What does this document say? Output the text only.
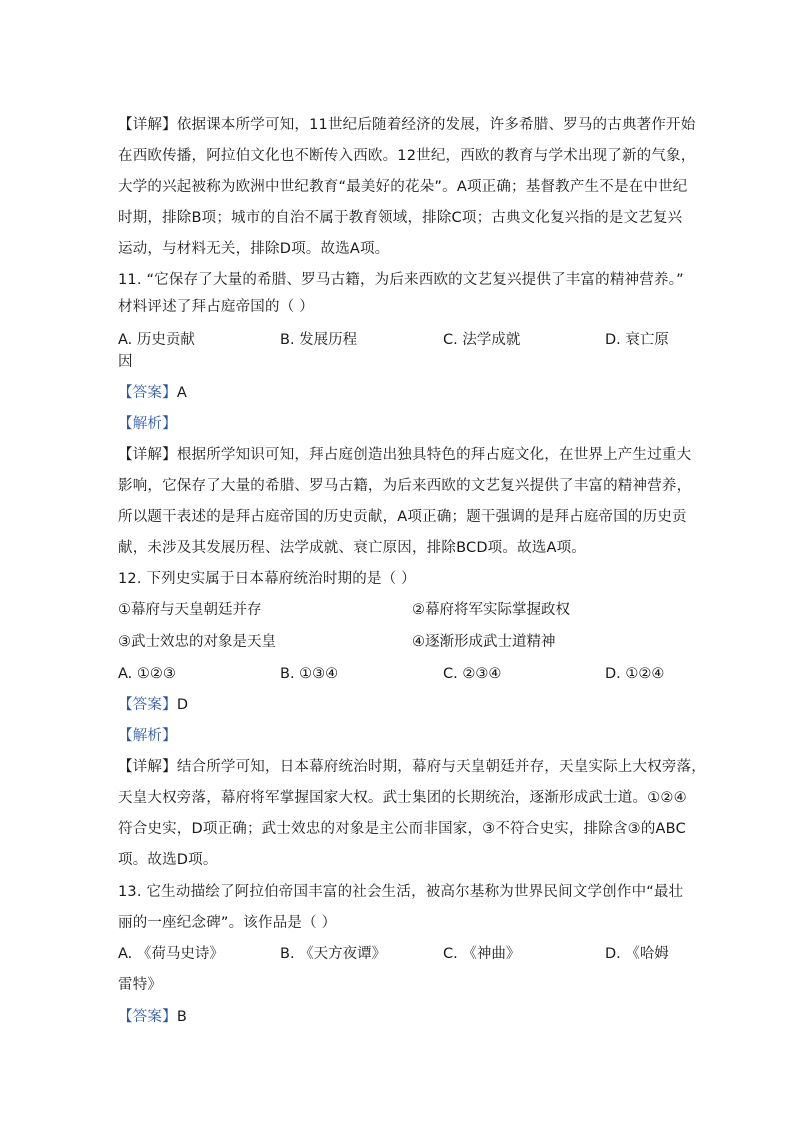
【详解】依据课本所学可知，11世纪后随着经济的发展，许多希腊、罗马的古典著作开始
在西欧传播，阿拉伯文化也不断传入西欧。12世纪，西欧的教育与学术出现了新的气象，
大学的兴起被称为欧洲中世纪教育“最美好的花朵”。A项正确；基督教产生不是在中世纪
时期，排除B项；城市的自治不属于教育领域，排除C项；古典文化复兴指的是文艺复兴
运动，与材料无关，排除D项。故选A项。
11. “它保存了大量的希腊、罗马古籍，为后来西欧的文艺复兴提供了丰富的精神营养。”
材料评述了拜占庭帝国的（ ）
A. 历史贡献	B. 发展历程	C. 法学成就	D. 衰亡原
因
【答案】A
【解析】
【详解】根据所学知识可知，拜占庭创造出独具特色的拜占庭文化，在世界上产生过重大
影响，它保存了大量的希腊、罗马古籍，为后来西欧的文艺复兴提供了丰富的精神营养，
所以题干表述的是拜占庭帝国的历史贡献，A项正确；题干强调的是拜占庭帝国的历史贡
献，未涉及其发展历程、法学成就、衰亡原因，排除BCD项。故选A项。
12. 下列史实属于日本幕府统治时期的是（ ）
①幕府与天皇朝廷并存	②幕府将军实际掌握政权
③武士效忠的对象是天皇	④逐渐形成武士道精神
A. ①②③	B. ①③④	C. ②③④	D. ①②④
【答案】D
【解析】
【详解】结合所学可知，日本幕府统治时期，幕府与天皇朝廷并存，天皇实际上大权旁落，
天皇大权旁落，幕府将军掌握国家大权。武士集团的长期统治，逐渐形成武士道。①②④
符合史实，D项正确；武士效忠的对象是主公而非国家，③不符合史实，排除含③的ABC
项。故选D项。
13. 它生动描绘了阿拉伯帝国丰富的社会生活，被高尔基称为世界民间文学创作中“最壮
丽的一座纪念碑”。该作品是（ ）
A. 《荷马史诗》	B. 《天方夜谭》	C. 《神曲》	D. 《哈姆
雷特》
【答案】B
